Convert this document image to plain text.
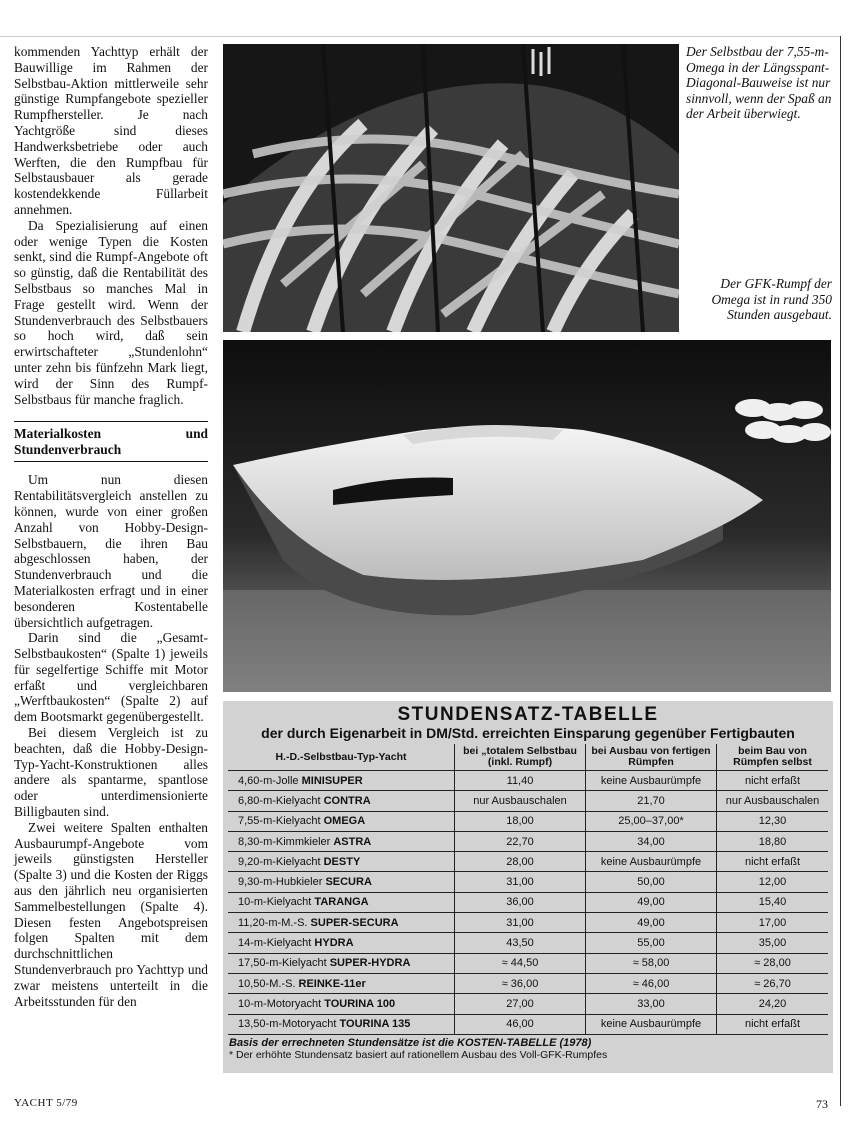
kommenden Yachttyp erhält der Bauwillige im Rahmen der Selbstbau-Aktion mittlerweile sehr günstige Rumpfangebote spezieller Rumpfhersteller. Je nach Yachtgröße sind dieses Handwerksbetriebe oder auch Werften, die den Rumpfbau für Selbstausbauer als gerade kostendekkende Füllarbeit annehmen.

Da Spezialisierung auf einen oder wenige Typen die Kosten senkt, sind die Rumpf-Angebote oft so günstig, daß die Rentabilität des Selbstbaus so manches Mal in Frage gestellt wird. Wenn der Stundenverbrauch des Selbstbauers so hoch wird, daß sein erwirtschafteter „Stundenlohn“ unter zehn bis fünfzehn Mark liegt, wird der Sinn des Rumpf-Selbstbaus für manche fraglich.

Materialkosten und Stundenverbrauch

Um nun diesen Rentabilitätsvergleich anstellen zu können, wurde von einer großen Anzahl von Hobby-Design-Selbstbauern, die ihren Bau abgeschlossen haben, der Stundenverbrauch und die Materialkosten erfragt und in einer besonderen Kostentabelle übersichtlich aufgetragen.

Darin sind die „Gesamt-Selbstbaukosten“ (Spalte 1) jeweils für segelfertige Schiffe mit Motor erfaßt und vergleichbaren „Werftbaukosten“ (Spalte 2) auf dem Bootsmarkt gegenübergestellt.

Bei diesem Vergleich ist zu beachten, daß die Hobby-Design-Typ-Yacht-Konstruktionen alles andere als spantarme, spantlose oder unterdimensionierte Billigbauten sind.

Zwei weitere Spalten enthalten Ausbaurumpf-Angebote vom jeweils günstigsten Hersteller (Spalte 3) und die Kosten der Riggs aus den jährlich neu organisierten Sammelbestellungen (Spalte 4). Diesen festen Angebotspreisen folgen Spalten mit dem durchschnittlichen Stundenverbrauch pro Yachttyp und zwar meistens unterteilt in die Arbeitsstunden für den

Der Selbstbau der 7,55-m-Omega in der Längsspant-Diagonal-Bauweise ist nur sinnvoll, wenn der Spaß an der Arbeit überwiegt.
Der GFK-Rumpf der Omega ist in rund 350 Stunden ausgebaut.
STUNDENSATZ-TABELLE
der durch Eigenarbeit in DM/Std. erreichten Einsparung gegenüber Fertigbauten
H.-D.-Selbstbau-Typ-Yacht	bei „totalem Selbstbau (inkl. Rumpf)	bei Ausbau von fertigen Rümpfen	beim Bau von Rümpfen selbst
4,60-m-Jolle MINISUPER	11,40	keine Ausbaurümpfe	nicht erfaßt
6,80-m-Kielyacht CONTRA	nur Ausbauschalen	21,70	nur Ausbauschalen
7,55-m-Kielyacht OMEGA	18,00	25,00–37,00*	12,30
8,30-m-Kimmkieler ASTRA	22,70	34,00	18,80
9,20-m-Kielyacht DESTY	28,00	keine Ausbaurümpfe	nicht erfaßt
9,30-m-Hubkieler SECURA	31,00	50,00	12,00
10-m-Kielyacht TARANGA	36,00	49,00	15,40
11,20-m-M.-S. SUPER-SECURA	31,00	49,00	17,00
14-m-Kielyacht HYDRA	43,50	55,00	35,00
17,50-m-Kielyacht SUPER-HYDRA	≈ 44,50	≈ 58,00	≈ 28,00
10,50-M.-S. REINKE-11er	≈ 36,00	≈ 46,00	≈ 26,70
10-m-Motoryacht TOURINA 100	27,00	33,00	24,20
13,50-m-Motoryacht TOURINA 135	46,00	keine Ausbaurümpfe	nicht erfaßt
Basis der errechneten Stundensätze ist die KOSTEN-TABELLE (1978)
* Der erhöhte Stundensatz basiert auf rationellem Ausbau des Voll-GFK-Rumpfes
YACHT 5/79	73
